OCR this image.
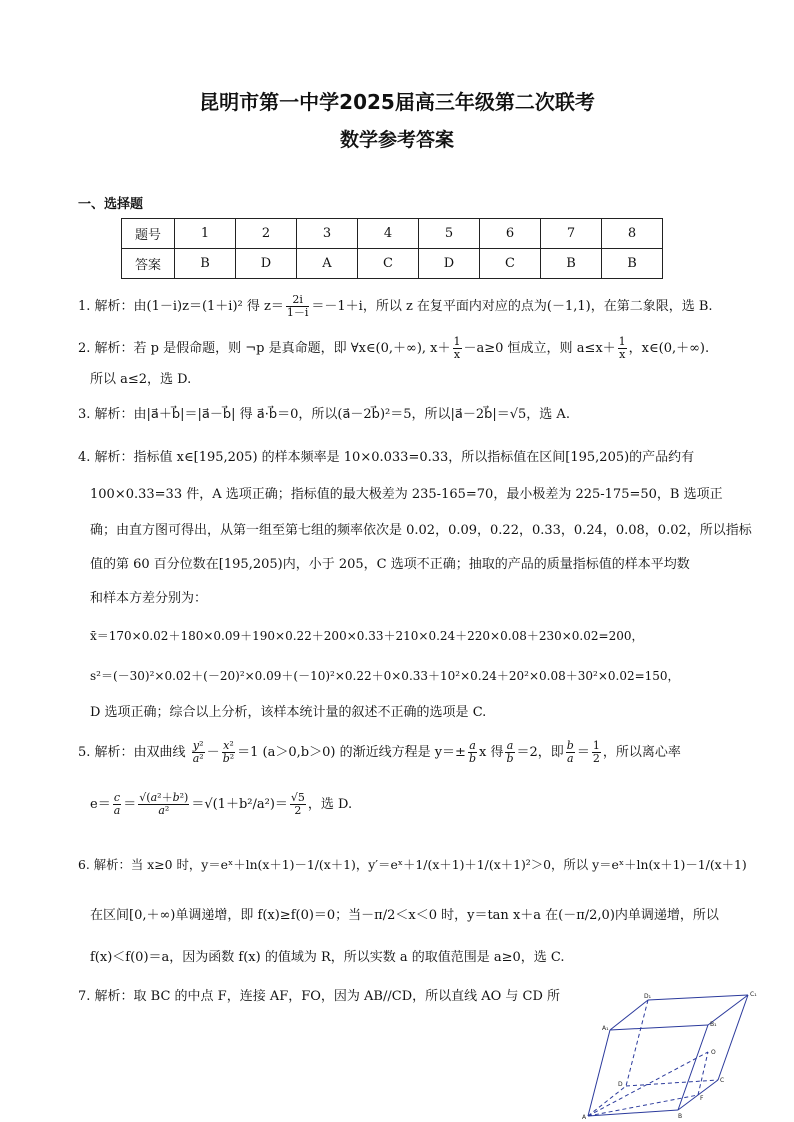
昆明市第一中学2025届高三年级第二次联考
数学参考答案
一、选择题
题号	1	2	3	4	5	6	7	8
答案	B	D	A	C	D	C	B	B
1. 解析：由(1－i)z＝(1＋i)² 得 $z= \frac{2i}{1-i} =-1+i$，所以 z 在复平面内对应的点为(－1,1)，在第二象限，选 B.
2. 解析：若 p 是假命题，则 ¬p 是真命题，即 ∀x∈(0,＋∞), $x+ \frac{1}{x} -a\ge 0$ 恒成立，则 $a\le x+ \frac{1}{x}$ ，x∈(0,＋∞).
所以 a≤2，选 D.
3. 解析：由|a⃗＋b⃗|＝|a⃗－b⃗| 得 a⃗·b⃗＝0，所以(a⃗－2b⃗)²＝5，所以|a⃗－2b⃗|＝√5，选 A.
4. 解析：指标值 x∈[195,205) 的样本频率是 10×0.033=0.33，所以指标值在区间[195,205)的产品约有
100×0.33=33 件，A 选项正确；指标值的最大极差为 235-165=70，最小极差为 225-175=50，B 选项正
确；由直方图可得出，从第一组至第七组的频率依次是 0.02，0.09，0.22，0.33，0.24，0.08，0.02，所以指标
值的第 60 百分位数在[195,205)内，小于 205，C 选项不正确；抽取的产品的质量指标值的样本平均数
和样本方差分别为：
x̄＝170×0.02＋180×0.09＋190×0.22＋200×0.33＋210×0.24＋220×0.08＋230×0.02=200，
s²＝(－30)²×0.02＋(－20)²×0.09＋(－10)²×0.22＋0×0.33＋10²×0.24＋20²×0.08＋30²×0.02=150，
D 选项正确；综合以上分析，该样本统计量的叙述不正确的选项是 C.
5. 解析：由双曲线 $\frac{\text{y²}}{\text{a²}} - \frac{\text{x²}}{\text{b²}} =1$ (a＞0,b＞0) 的渐近线方程是 $y=\pm \frac{a}{b}$ x 得 $\frac{a}{b} =2$，即 $\frac{b}{a} = \frac{1}{2}$ ，所以离心率
$e= \frac{c}{a} = \frac{\text{√(a²＋b²)}}{\text{a²}} =√(1+b^2/a^2)= \frac{√5}{2}$ ，选 D.
6. 解析：当 x≥0 时，y＝eˣ＋ln(x＋1)－1/(x＋1)，y′＝eˣ＋1/(x＋1)＋1/(x＋1)²＞0，所以 y＝eˣ＋ln(x＋1)－1/(x＋1)
在区间[0,＋∞)单调递增，即 f(x)≥f(0)＝0；当－π/2＜x＜0 时，y＝tan x＋a 在(－π/2,0)内单调递增，所以
f(x)＜f(0)＝a，因为函数 f(x) 的值域为 R，所以实数 a 的取值范围是 a≥0，选 C.
7. 解析：取 BC 的中点 F，连接 AF，FO，因为 AB//CD，所以直线 AO 与 CD 所	D₁	C₁
A₁
B₁
O
D
C
F
A	B
